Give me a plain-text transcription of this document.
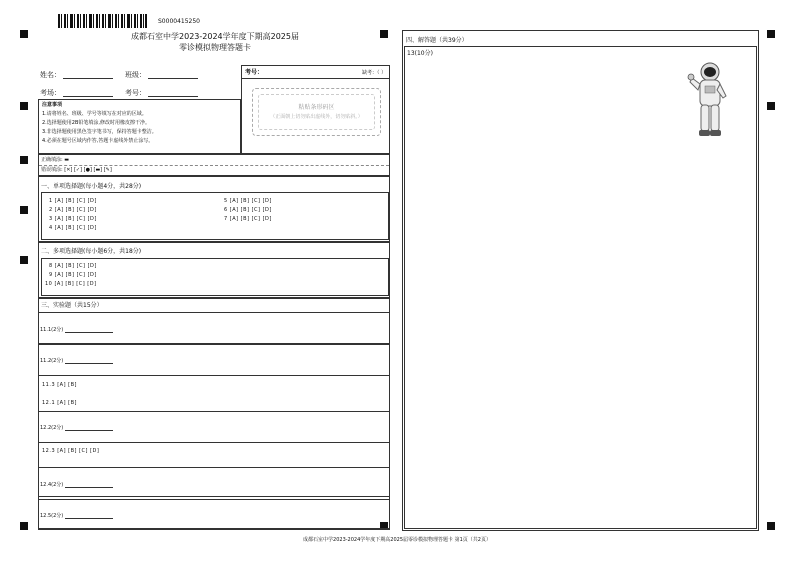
S0000415250
成都石室中学2023-2024学年度下期高2025届
零诊模拟物理答题卡
姓名：	班级：
考场：	考号：
考号：	缺考：（ ）
粘贴条形码区
（正面朝上切勿贴出虚线外，切勿贴斜。）
注意事项
1.请将姓名、班级、学号等填写在对应的区域。
2.选择题使用2B铅笔填涂,修改时用橡皮擦干净。
3.非选择题使用黑色签字笔书写，保持答题卡整洁。
4.必须在题号区域内作答,答题卡虚线外禁止涂写。
正确填涂: ▬
错误填涂: [✕] [✓] [●] [▬] [✎]
一、单项选择题(每小题4分，共28分)
1 [A] [B] [C] [D]
2 [A] [B] [C] [D]
3 [A] [B] [C] [D]
4 [A] [B] [C] [D]
5 [A] [B] [C] [D]
6 [A] [B] [C] [D]
7 [A] [B] [C] [D]
二、多项选择题(每小题6分，共18分)
8 [A] [B] [C] [D]
9 [A] [B] [C] [D]
10 [A] [B] [C] [D]
三、实验题（共15分）
11.1(2分)
11.2(2分)
11.3 [A] [B]
12.1 [A] [B]
12.2(2分)
12.3 [A] [B] [C] [D]
12.4(2分)
12.5(2分)
四、解答题（共39分）
13(10分)
成都石室中学2023-2024学年度下期高2025届零诊模拟物理答题卡 第1页（共2页）
